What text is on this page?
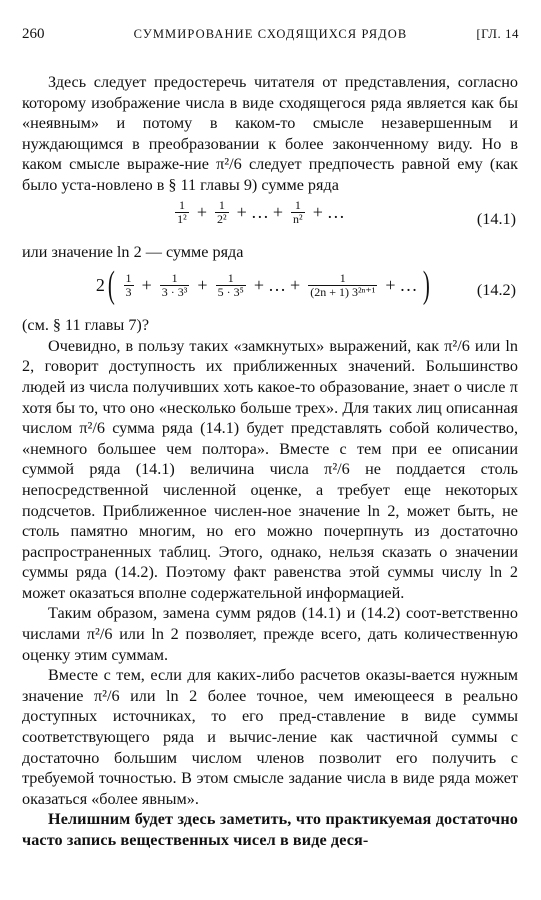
260	СУММИРОВАНИЕ СХОДЯЩИХСЯ РЯДОВ	[ГЛ. 14

Здесь следует предостеречь читателя от представления, согласно которому изображение числа в виде сходящегося ряда является как бы «неявным» и потому в каком-то смысле незавершенным и нуждающимся в преобразовании к более законченному виду. Но в каком смысле выраже-ние π²/6 следует предпочесть равной ему (как было уста-новлено в § 11 главы 9) сумме ряда

$\frac{1}{\text{1²}} + \frac{1}{\text{2²}}$ + … + $\frac{1}{\text{n²}}$ + …	(14.1)

или значение ln 2 — сумме ряда

$2( \frac{1}{3} + \frac{1}{\text{3 · 3³}} + \frac{1}{\text{5 · 3⁵}}$ + … + $\frac{1}{\text{(2n + 1) 3²ⁿ⁺¹}}$ + … )	(14.2)

(см. § 11 главы 7)?

Очевидно, в пользу таких «замкнутых» выражений, как π²/6 или ln 2, говорит доступность их приближенных значений. Большинство людей из числа получивших хоть какое-то образование, знает о числе π хотя бы то, что оно «несколько больше трех». Для таких лиц описанная числом π²/6 сумма ряда (14.1) будет представлять собой количество, «немного большее чем полтора». Вместе с тем при ее описании суммой ряда (14.1) величина числа π²/6 не поддается столь непосредственной численной оценке, а требует еще некоторых подсчетов. Приближенное числен-ное значение ln 2, может быть, не столь памятно многим, но его можно почерпнуть из достаточно распространенных таблиц. Этого, однако, нельзя сказать о значении суммы ряда (14.2). Поэтому факт равенства этой суммы числу ln 2 может оказаться вполне содержательной информацией.

Таким образом, замена сумм рядов (14.1) и (14.2) соот-ветственно числами π²/6 или ln 2 позволяет, прежде всего, дать количественную оценку этим суммам.

Вместе с тем, если для каких-либо расчетов оказы-вается нужным значение π²/6 или ln 2 более точное, чем имеющееся в реально доступных источниках, то его пред-ставление в виде суммы соответствующего ряда и вычис-ление как частичной суммы с достаточно большим числом членов позволит его получить с требуемой точностью. В этом смысле задание числа в виде ряда может оказаться «более явным».

Нелишним будет здесь заметить, что практикуемая достаточно часто запись вещественных чисел в виде деся-
